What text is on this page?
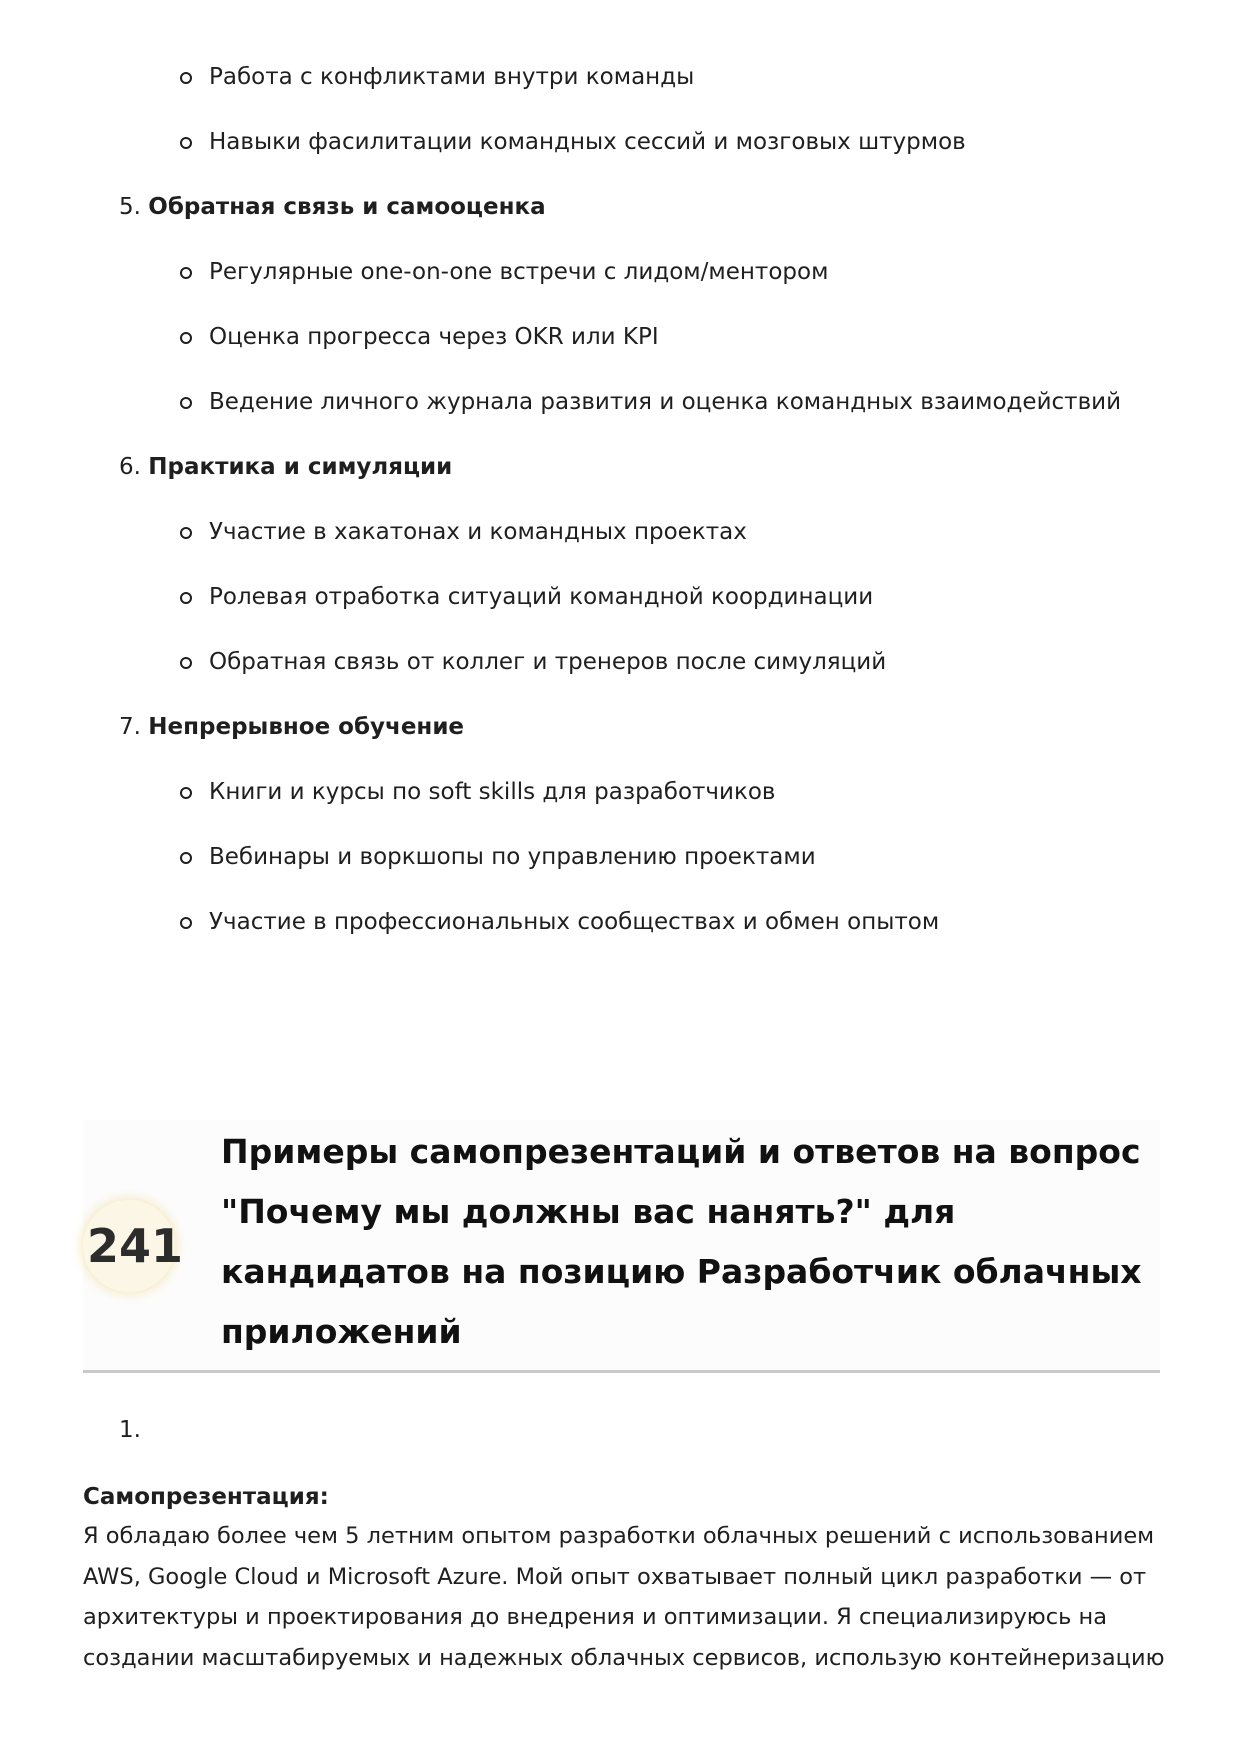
Работа с конфликтами внутри команды
Навыки фасилитации командных сессий и мозговых штурмов
5. Обратная связь и самооценка
Регулярные one-on-one встречи с лидом/ментором
Оценка прогресса через OKR или KPI
Ведение личного журнала развития и оценка командных взаимодействий
6. Практика и симуляции
Участие в хакатонах и командных проектах
Ролевая отработка ситуаций командной координации
Обратная связь от коллег и тренеров после симуляций
7. Непрерывное обучение
Книги и курсы по soft skills для разработчиков
Вебинары и воркшопы по управлению проектами
Участие в профессиональных сообществах и обмен опытом
241
Примеры самопрезентаций и ответов на вопрос
"Почему мы должны вас нанять?" для
кандидатов на позицию Разработчик облачных
приложений
1.
Самопрезентация:

Я обладаю более чем 5 летним опытом разработки облачных решений с использованием
AWS, Google Cloud и Microsoft Azure. Мой опыт охватывает полный цикл разработки — от
архитектуры и проектирования до внедрения и оптимизации. Я специализируюсь на
создании масштабируемых и надежных облачных сервисов, использую контейнеризацию
